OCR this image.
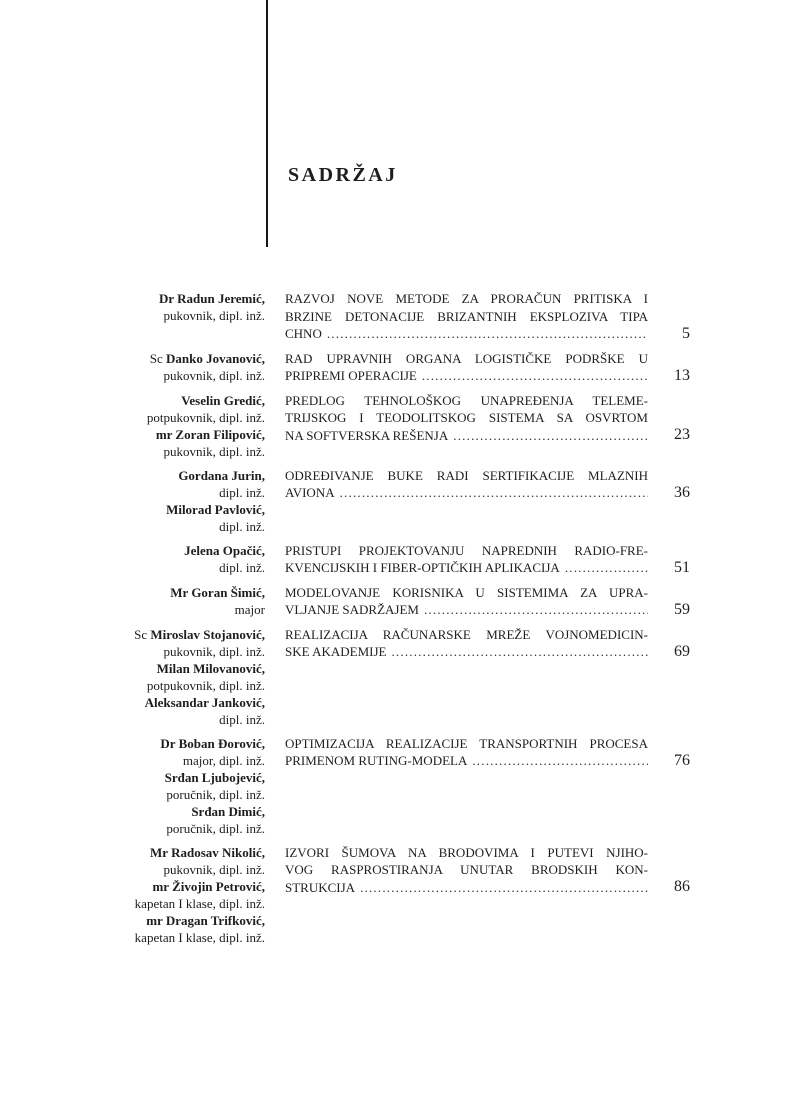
SADRŽAJ
Dr Radun Jeremić,
pukovnik, dipl. inž.
RAZVOJ NOVE METODE ZA PRORAČUN PRITISKA I
BRZINE DETONACIJE BRIZANTNIH EKSPLOZIVA TIPA
CHNO .....	5
Sc Danko Jovanović,
pukovnik, dipl. inž.
RAD UPRAVNIH ORGANA LOGISTIČKE PODRŠKE U
PRIPREMI OPERACIJE .....	13
Veselin Gredić,
potpukovnik, dipl. inž.
mr Zoran Filipović,
pukovnik, dipl. inž.
PREDLOG TEHNOLOŠKOG UNAPREĐENJA TELEME-
TRIJSKOG I TEODOLITSKOG SISTEMA SA OSVRTOM
NA SOFTVERSKA REŠENJA .....	23
Gordana Jurin,
dipl. inž.
Milorad Pavlović,
dipl. inž.
ODREĐIVANJE BUKE RADI SERTIFIKACIJE MLAZNIH
AVIONA .....	36
Jelena Opačić,
dipl. inž.
PRISTUPI PROJEKTOVANJU NAPREDNIH RADIO-FRE-
KVENCIJSKIH I FIBER-OPTIČKIH APLIKACIJA .....	51
Mr Goran Šimić,
major
MODELOVANJE KORISNIKA U SISTEMIMA ZA UPRA-
VLJANJE SADRŽAJEM .....	59
Sc Miroslav Stojanović,
pukovnik, dipl. inž.
Milan Milovanović,
potpukovnik, dipl. inž.
Aleksandar Janković,
dipl. inž.
REALIZACIJA RAČUNARSKE MREŽE VOJNOMEDICIN-
SKE AKADEMIJE .....	69
Dr Boban Đorović,
major, dipl. inž.
Srđan Ljubojević,
poručnik, dipl. inž.
Srđan Dimić,
poručnik, dipl. inž.
OPTIMIZACIJA REALIZACIJE TRANSPORTNIH PROCESA
PRIMENOM RUTING-MODELA .....	76
Mr Radosav Nikolić,
pukovnik, dipl. inž.
mr Živojin Petrović,
kapetan I klase, dipl. inž.
mr Dragan Trifković,
kapetan I klase, dipl. inž.
IZVORI ŠUMOVA NA BRODOVIMA I PUTEVI NJIHO-
VOG RASPROSTIRANJA UNUTAR BRODSKIH KON-
STRUKCIJA .....	86
